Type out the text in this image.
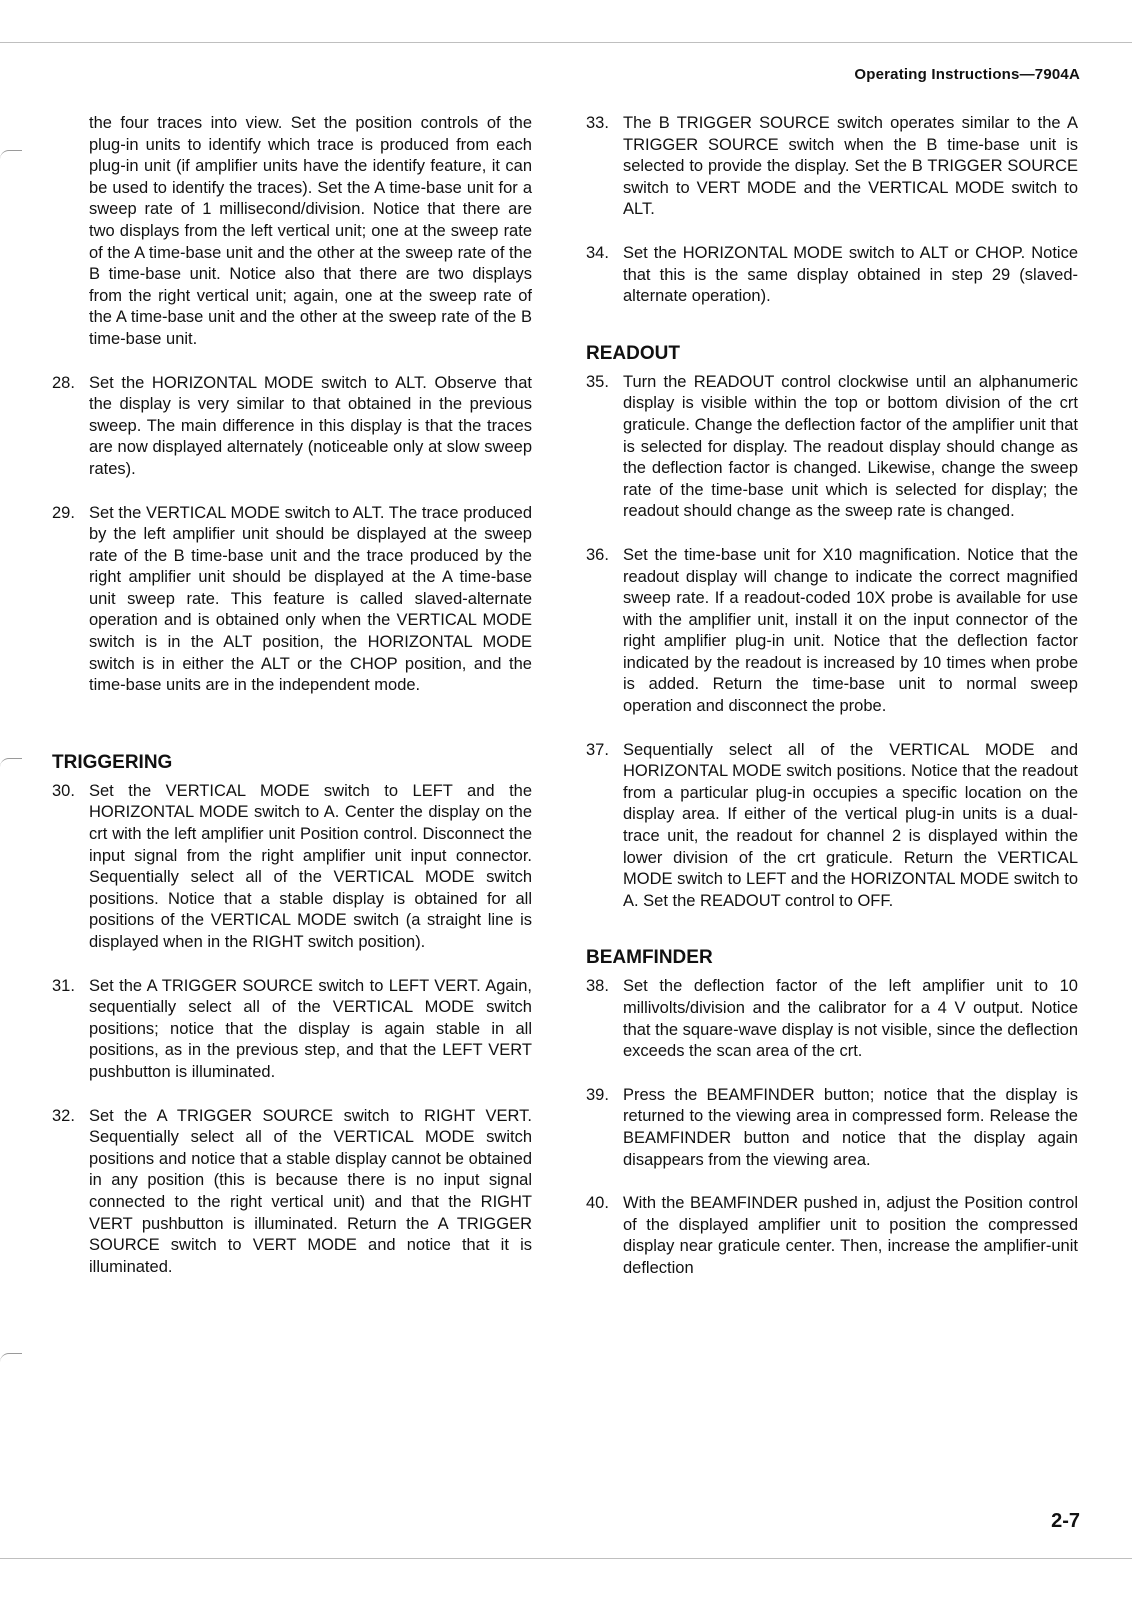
Operating Instructions—7904A
the four traces into view. Set the position controls of the plug-in units to identify which trace is produced from each plug-in unit (if amplifier units have the identify feature, it can be used to identify the traces). Set the A time-base unit for a sweep rate of 1 millisecond/division. Notice that there are two displays from the left vertical unit; one at the sweep rate of the A time-base unit and the other at the sweep rate of the B time-base unit. Notice also that there are two displays from the right vertical unit; again, one at the sweep rate of the A time-base unit and the other at the sweep rate of the B time-base unit.
28. Set the HORIZONTAL MODE switch to ALT. Observe that the display is very similar to that obtained in the previous sweep. The main difference in this display is that the traces are now displayed alternately (noticeable only at slow sweep rates).
29. Set the VERTICAL MODE switch to ALT. The trace produced by the left amplifier unit should be displayed at the sweep rate of the B time-base unit and the trace produced by the right amplifier unit should be displayed at the A time-base unit sweep rate. This feature is called slaved-alternate operation and is obtained only when the VERTICAL MODE switch is in the ALT position, the HORIZONTAL MODE switch is in either the ALT or the CHOP position, and the time-base units are in the independent mode.
TRIGGERING
30. Set the VERTICAL MODE switch to LEFT and the HORIZONTAL MODE switch to A. Center the display on the crt with the left amplifier unit Position control. Disconnect the input signal from the right amplifier unit input connector. Sequentially select all of the VERTICAL MODE switch positions. Notice that a stable display is obtained for all positions of the VERTICAL MODE switch (a straight line is displayed when in the RIGHT switch position).
31. Set the A TRIGGER SOURCE switch to LEFT VERT. Again, sequentially select all of the VERTICAL MODE switch positions; notice that the display is again stable in all positions, as in the previous step, and that the LEFT VERT pushbutton is illuminated.
32. Set the A TRIGGER SOURCE switch to RIGHT VERT. Sequentially select all of the VERTICAL MODE switch positions and notice that a stable display cannot be obtained in any position (this is because there is no input signal connected to the right vertical unit) and that the RIGHT VERT pushbutton is illuminated. Return the A TRIGGER SOURCE switch to VERT MODE and notice that it is illuminated.
33. The B TRIGGER SOURCE switch operates similar to the A TRIGGER SOURCE switch when the B time-base unit is selected to provide the display. Set the B TRIGGER SOURCE switch to VERT MODE and the VERTICAL MODE switch to ALT.
34. Set the HORIZONTAL MODE switch to ALT or CHOP. Notice that this is the same display obtained in step 29 (slaved-alternate operation).
READOUT
35. Turn the READOUT control clockwise until an alphanumeric display is visible within the top or bottom division of the crt graticule. Change the deflection factor of the amplifier unit that is selected for display. The readout display should change as the deflection factor is changed. Likewise, change the sweep rate of the time-base unit which is selected for display; the readout should change as the sweep rate is changed.
36. Set the time-base unit for X10 magnification. Notice that the readout display will change to indicate the correct magnified sweep rate. If a readout-coded 10X probe is available for use with the amplifier unit, install it on the input connector of the right amplifier plug-in unit. Notice that the deflection factor indicated by the readout is increased by 10 times when probe is added. Return the time-base unit to normal sweep operation and disconnect the probe.
37. Sequentially select all of the VERTICAL MODE and HORIZONTAL MODE switch positions. Notice that the readout from a particular plug-in occupies a specific location on the display area. If either of the vertical plug-in units is a dual-trace unit, the readout for channel 2 is displayed within the lower division of the crt graticule. Return the VERTICAL MODE switch to LEFT and the HORIZONTAL MODE switch to A. Set the READOUT control to OFF.
BEAMFINDER
38. Set the deflection factor of the left amplifier unit to 10 millivolts/division and the calibrator for a 4 V output. Notice that the square-wave display is not visible, since the deflection exceeds the scan area of the crt.
39. Press the BEAMFINDER button; notice that the display is returned to the viewing area in compressed form. Release the BEAMFINDER button and notice that the display again disappears from the viewing area.
40. With the BEAMFINDER pushed in, adjust the Position control of the displayed amplifier unit to position the compressed display near graticule center. Then, increase the amplifier-unit deflection
2-7
